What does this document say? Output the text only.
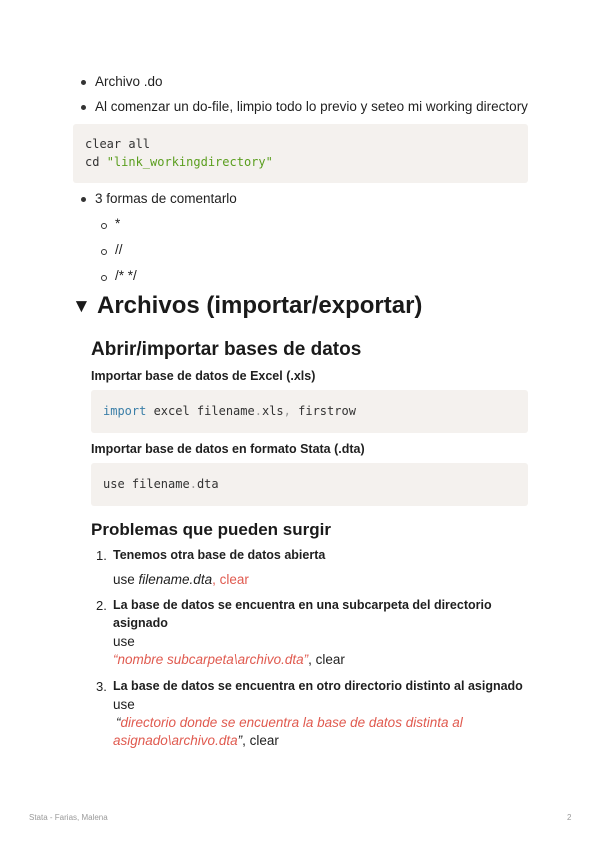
Archivo .do
Al comenzar un do-file, limpio todo lo previo y seteo mi working directory
clear all
cd "link_workingdirectory"
3 formas de comentarlo
*
//
/* */
▼ Archivos (importar/exportar)
Abrir/importar bases de datos
Importar base de datos de Excel (.xls)
import excel filename.xls, firstrow
Importar base de datos en formato Stata (.dta)
use filename.dta
Problemas que pueden surgir
1. Tenemos otra base de datos abierta
use filename.dta, clear
2. La base de datos se encuentra en una subcarpeta del directorio
asignado
use
“nombre subcarpeta\archivo.dta”, clear
3. La base de datos se encuentra en otro directorio distinto al asignado
use
“directorio donde se encuentra la base de datos distinta al
asignado\archivo.dta”, clear
Stata - Farias, Malena	2
